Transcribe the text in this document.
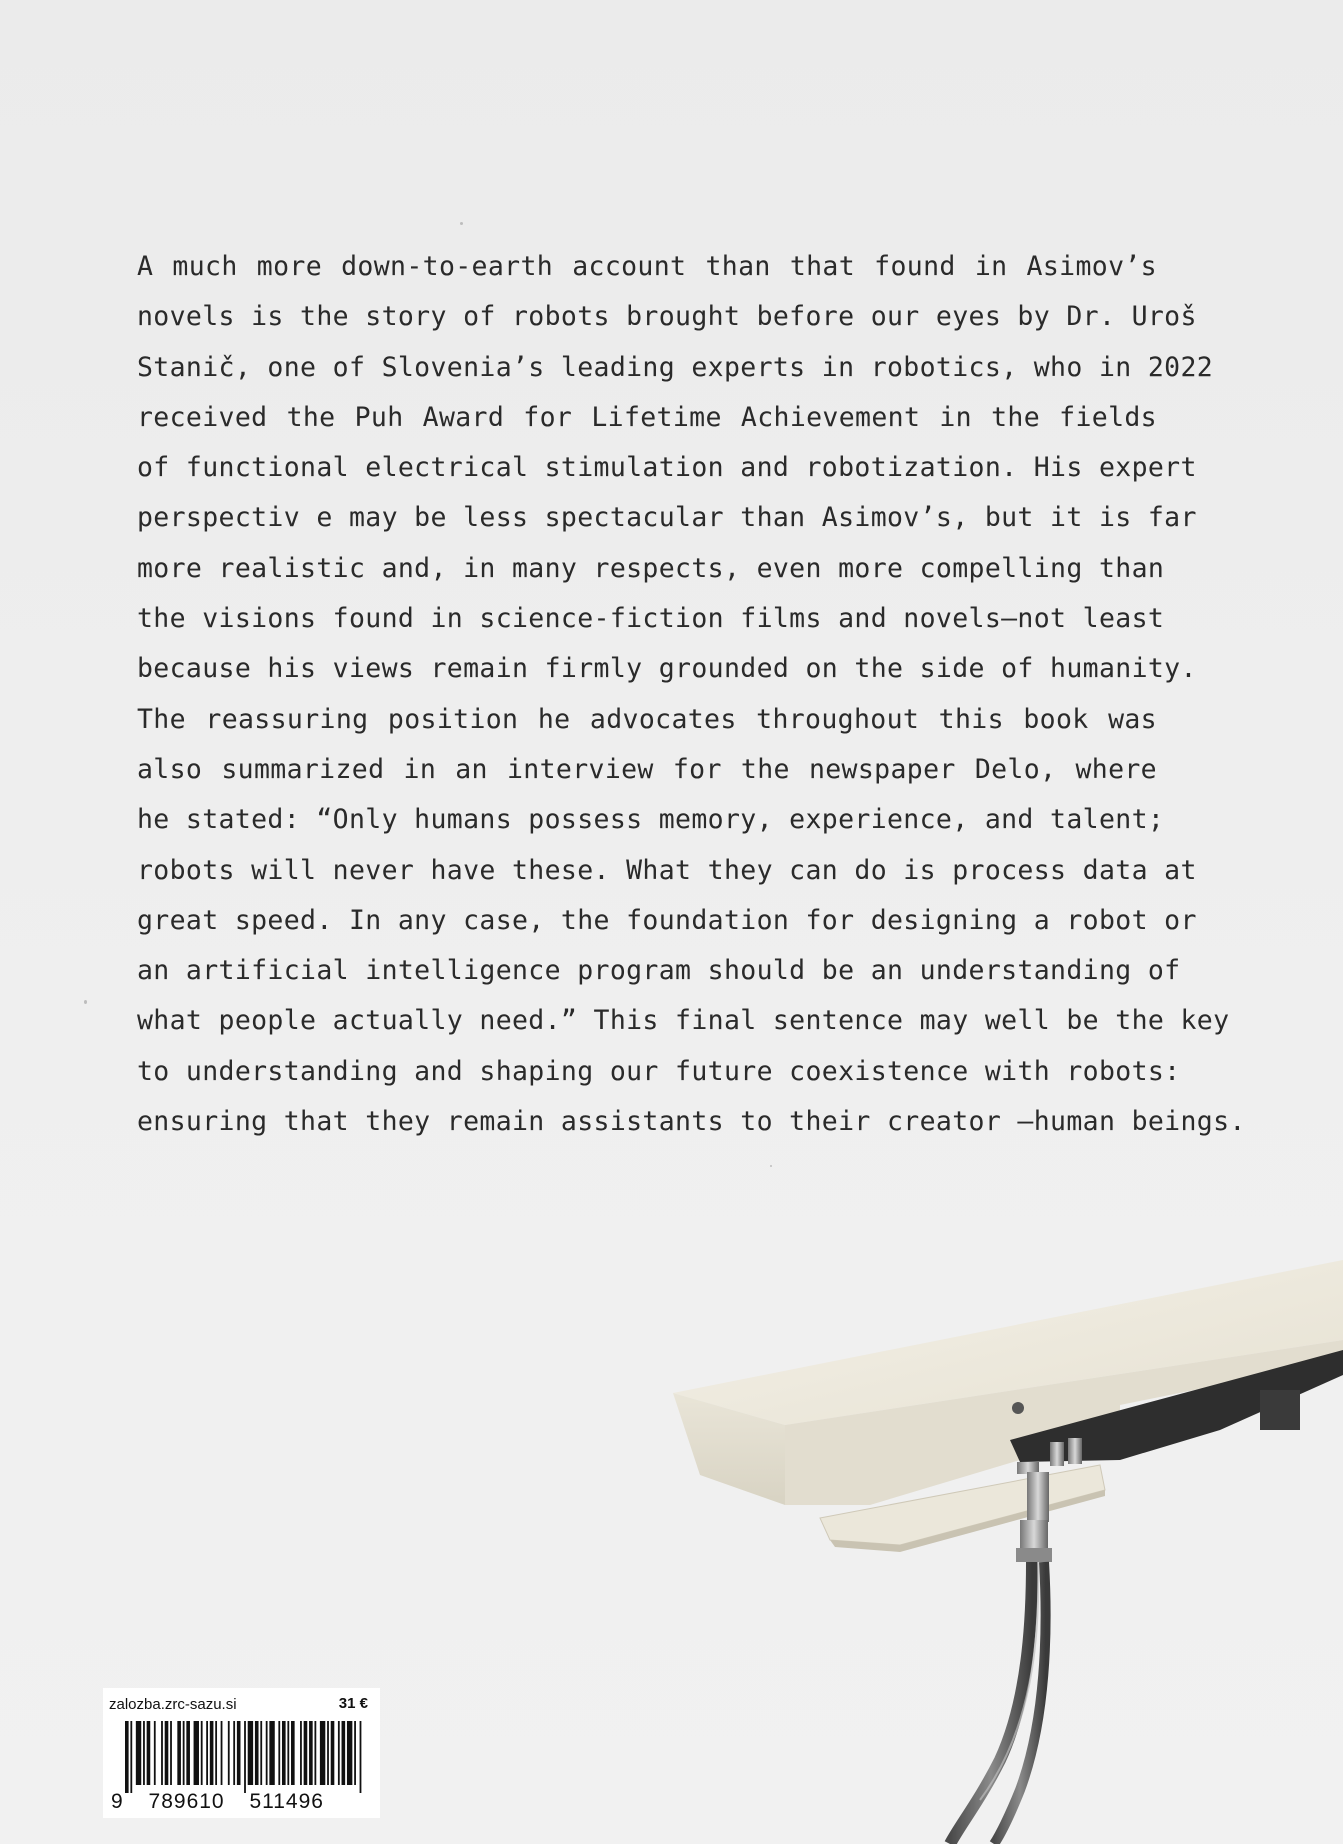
A much more down-to-earth account than that found in Asimov’s
novels is the story of robots brought before our eyes by Dr. Uroš
Stanič, one of Slovenia’s leading experts in robotics, who in 2022
received the Puh Award for Lifetime Achievement in the fields
of functional electrical stimulation and robotization. His expert
perspectiv e may be less spectacular than Asimov’s, but it is far
more realistic and, in many respects, even more compelling than
the visions found in science-fiction films and novels—not least
because his views remain firmly grounded on the side of humanity.
The reassuring position he advocates throughout this book was
also summarized in an interview for the newspaper Delo, where
he stated: “Only humans possess memory, experience, and talent;
robots will never have these. What they can do is process data at
great speed. In any case, the foundation for designing a robot or
an artificial intelligence program should be an understanding of
what people actually need.” This final sentence may well be the key
to understanding and shaping our future coexistence with robots:
ensuring that they remain assistants to their creator –human beings.
zalozba.zrc-sazu.si	31 €
9 789610 511496
